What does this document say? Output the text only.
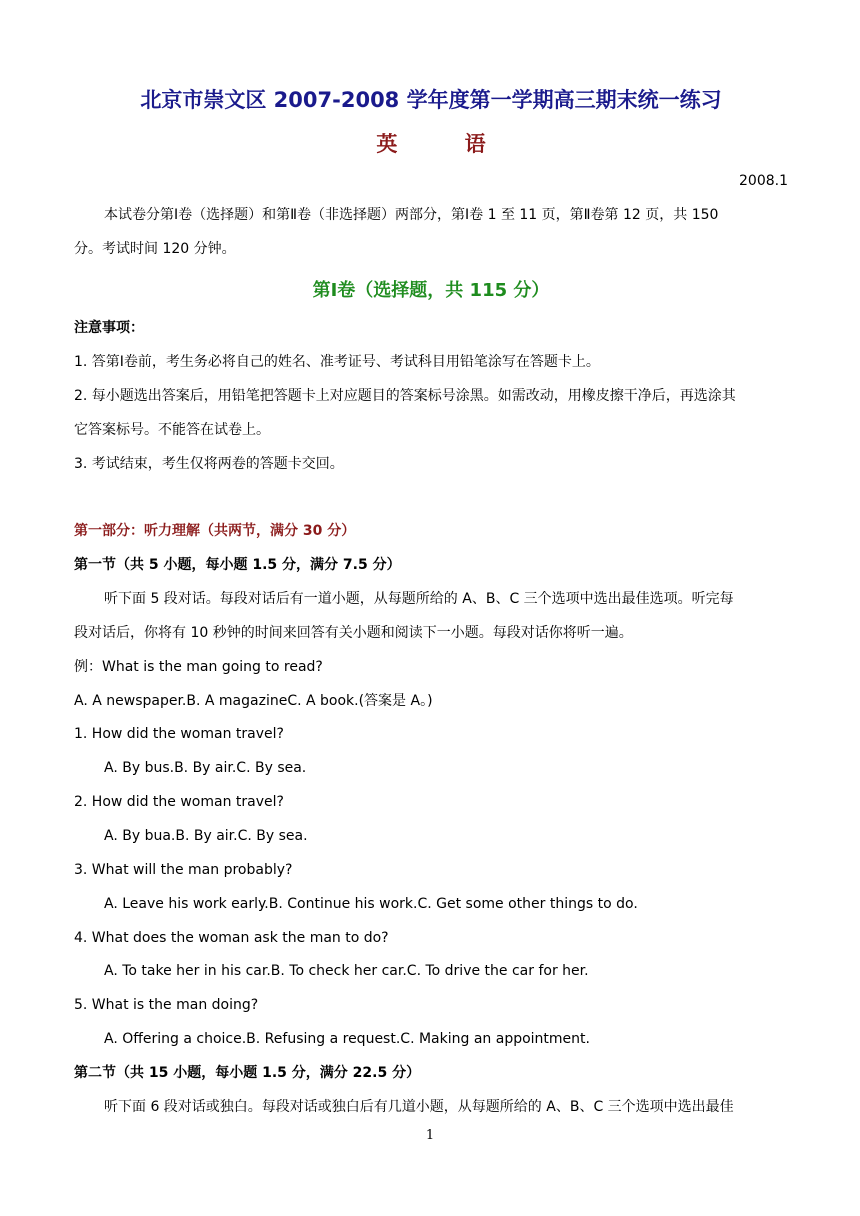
北京市崇文区 2007-2008 学年度第一学期高三期末统一练习
英 语
2008.1
本试卷分第Ⅰ卷（选择题）和第Ⅱ卷（非选择题）两部分，第Ⅰ卷 1 至 11 页，第Ⅱ卷第 12 页，共 150
分。考试时间 120 分钟。
第Ⅰ卷（选择题，共 115 分）
注意事项：
1. 答第Ⅰ卷前，考生务必将自己的姓名、准考证号、考试科目用铅笔涂写在答题卡上。
2. 每小题选出答案后，用铅笔把答题卡上对应题目的答案标号涂黑。如需改动，用橡皮擦干净后，再选涂其
它答案标号。不能答在试卷上。
3. 考试结束，考生仅将两卷的答题卡交回。
第一部分：听力理解（共两节，满分 30 分）
第一节（共 5 小题，每小题 1.5 分，满分 7.5 分）
听下面 5 段对话。每段对话后有一道小题，从每题所给的 A、B、C 三个选项中选出最佳选项。听完每
段对话后，你将有 10 秒钟的时间来回答有关小题和阅读下一小题。每段对话你将听一遍。
例：What is the man going to read?
A. A newspaper.B. A magazineC. A book.(答案是 A。)
1. How did the woman travel?
A. By bus.B. By air.C. By sea.
2. How did the woman travel?
A. By bua.B. By air.C. By sea.
3. What will the man probably?
A. Leave his work early.B. Continue his work.C. Get some other things to do.
4. What does the woman ask the man to do?
A. To take her in his car.B. To check her car.C. To drive the car for her.
5. What is the man doing?
A. Offering a choice.B. Refusing a request.C. Making an appointment.
第二节（共 15 小题，每小题 1.5 分，满分 22.5 分）
听下面 6 段对话或独白。每段对话或独白后有几道小题，从每题所给的 A、B、C 三个选项中选出最佳
1
